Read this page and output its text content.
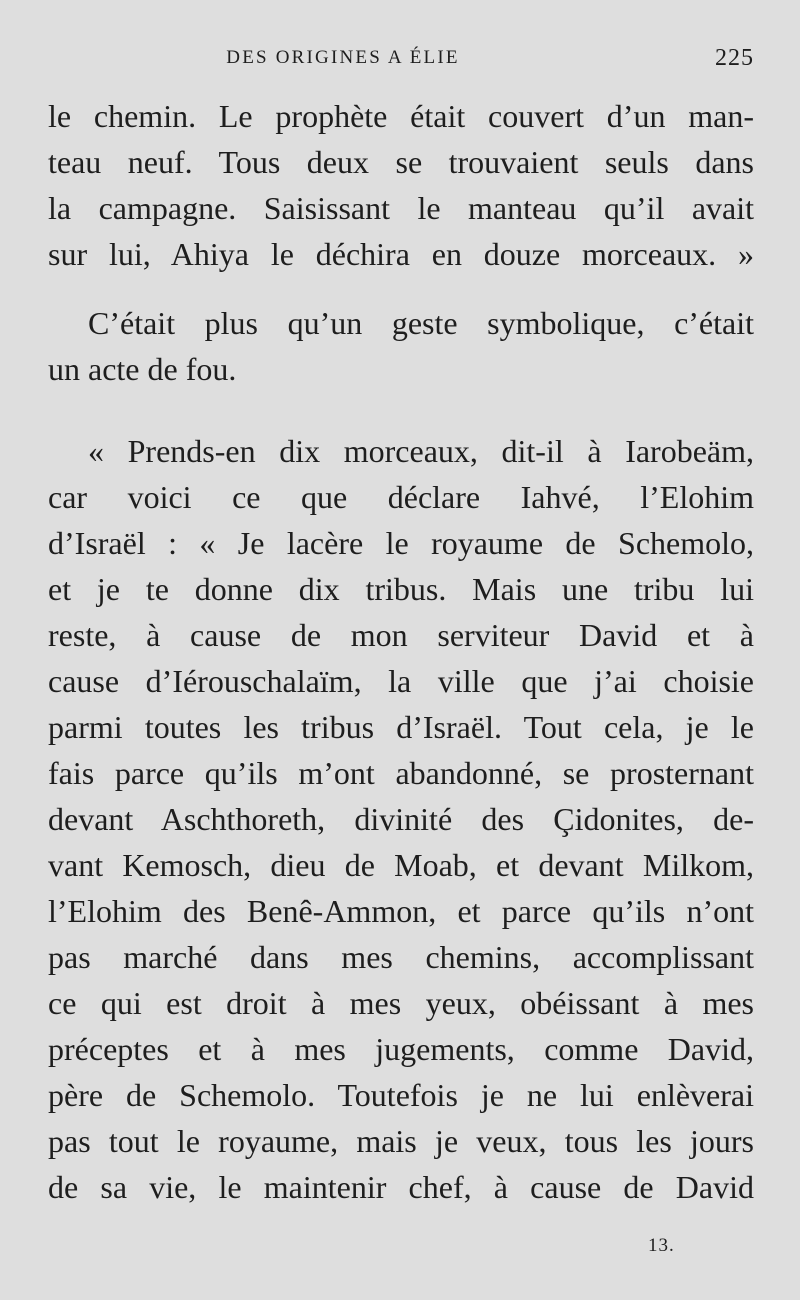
DES ORIGINES A ÉLIE	225
le chemin. Le prophète était couvert d’un man-
teau neuf. Tous deux se trouvaient seuls dans
la campagne. Saisissant le manteau qu’il avait
sur lui, Ahiya le déchira en douze morceaux. »
C’était plus qu’un geste symbolique, c’était
un acte de fou.
« Prends-en dix morceaux, dit-il à Iarobeäm,
car voici ce que déclare Iahvé, l’Elohim
d’Israël : « Je lacère le royaume de Schemolo,
et je te donne dix tribus. Mais une tribu lui
reste, à cause de mon serviteur David et à
cause d’Iérouschalaïm, la ville que j’ai choisie
parmi toutes les tribus d’Israël. Tout cela, je le
fais parce qu’ils m’ont abandonné, se prosternant
devant Aschthoreth, divinité des Çidonites, de-
vant Kemosch, dieu de Moab, et devant Milkom,
l’Elohim des Benê-Ammon, et parce qu’ils n’ont
pas marché dans mes chemins, accomplissant
ce qui est droit à mes yeux, obéissant à mes
préceptes et à mes jugements, comme David,
père de Schemolo. Toutefois je ne lui enlèverai
pas tout le royaume, mais je veux, tous les jours
de sa vie, le maintenir chef, à cause de David
13.
